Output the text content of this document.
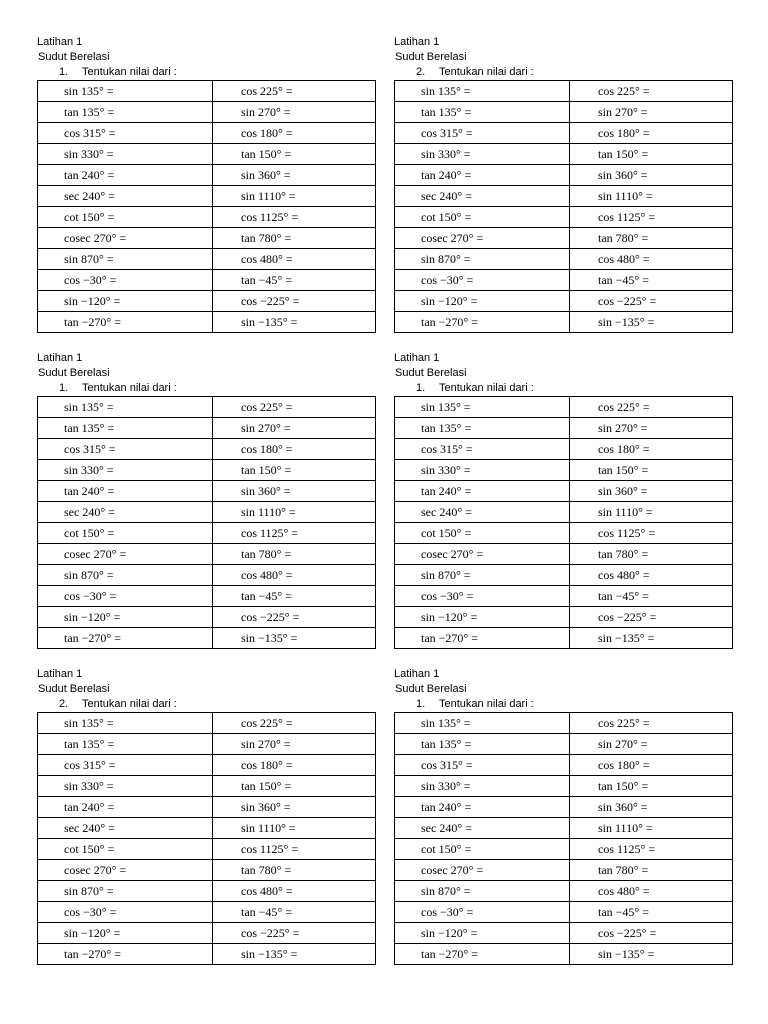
Latihan 1
Sudut Berelasi
1. Tentukan nilai dari :
sin 135° =	cos 225° =
tan 135° =	sin 270° =
cos 315° =	cos 180° =
sin 330° =	tan 150° =
tan 240° =	sin 360° =
sec 240° =	sin 1110° =
cot 150° =	cos 1125° =
cosec 270° =	tan 780° =
sin 870° =	cos 480° =
cos −30° =	tan −45° =
sin −120° =	cos −225° =
tan −270° =	sin −135° =
Latihan 1
Sudut Berelasi
2. Tentukan nilai dari :
sin 135° =	cos 225° =
tan 135° =	sin 270° =
cos 315° =	cos 180° =
sin 330° =	tan 150° =
tan 240° =	sin 360° =
sec 240° =	sin 1110° =
cot 150° =	cos 1125° =
cosec 270° =	tan 780° =
sin 870° =	cos 480° =
cos −30° =	tan −45° =
sin −120° =	cos −225° =
tan −270° =	sin −135° =
Latihan 1
Sudut Berelasi
1. Tentukan nilai dari :
sin 135° =	cos 225° =
tan 135° =	sin 270° =
cos 315° =	cos 180° =
sin 330° =	tan 150° =
tan 240° =	sin 360° =
sec 240° =	sin 1110° =
cot 150° =	cos 1125° =
cosec 270° =	tan 780° =
sin 870° =	cos 480° =
cos −30° =	tan −45° =
sin −120° =	cos −225° =
tan −270° =	sin −135° =
Latihan 1
Sudut Berelasi
1. Tentukan nilai dari :
sin 135° =	cos 225° =
tan 135° =	sin 270° =
cos 315° =	cos 180° =
sin 330° =	tan 150° =
tan 240° =	sin 360° =
sec 240° =	sin 1110° =
cot 150° =	cos 1125° =
cosec 270° =	tan 780° =
sin 870° =	cos 480° =
cos −30° =	tan −45° =
sin −120° =	cos −225° =
tan −270° =	sin −135° =
Latihan 1
Sudut Berelasi
2. Tentukan nilai dari :
sin 135° =	cos 225° =
tan 135° =	sin 270° =
cos 315° =	cos 180° =
sin 330° =	tan 150° =
tan 240° =	sin 360° =
sec 240° =	sin 1110° =
cot 150° =	cos 1125° =
cosec 270° =	tan 780° =
sin 870° =	cos 480° =
cos −30° =	tan −45° =
sin −120° =	cos −225° =
tan −270° =	sin −135° =
Latihan 1
Sudut Berelasi
1. Tentukan nilai dari :
sin 135° =	cos 225° =
tan 135° =	sin 270° =
cos 315° =	cos 180° =
sin 330° =	tan 150° =
tan 240° =	sin 360° =
sec 240° =	sin 1110° =
cot 150° =	cos 1125° =
cosec 270° =	tan 780° =
sin 870° =	cos 480° =
cos −30° =	tan −45° =
sin −120° =	cos −225° =
tan −270° =	sin −135° =
